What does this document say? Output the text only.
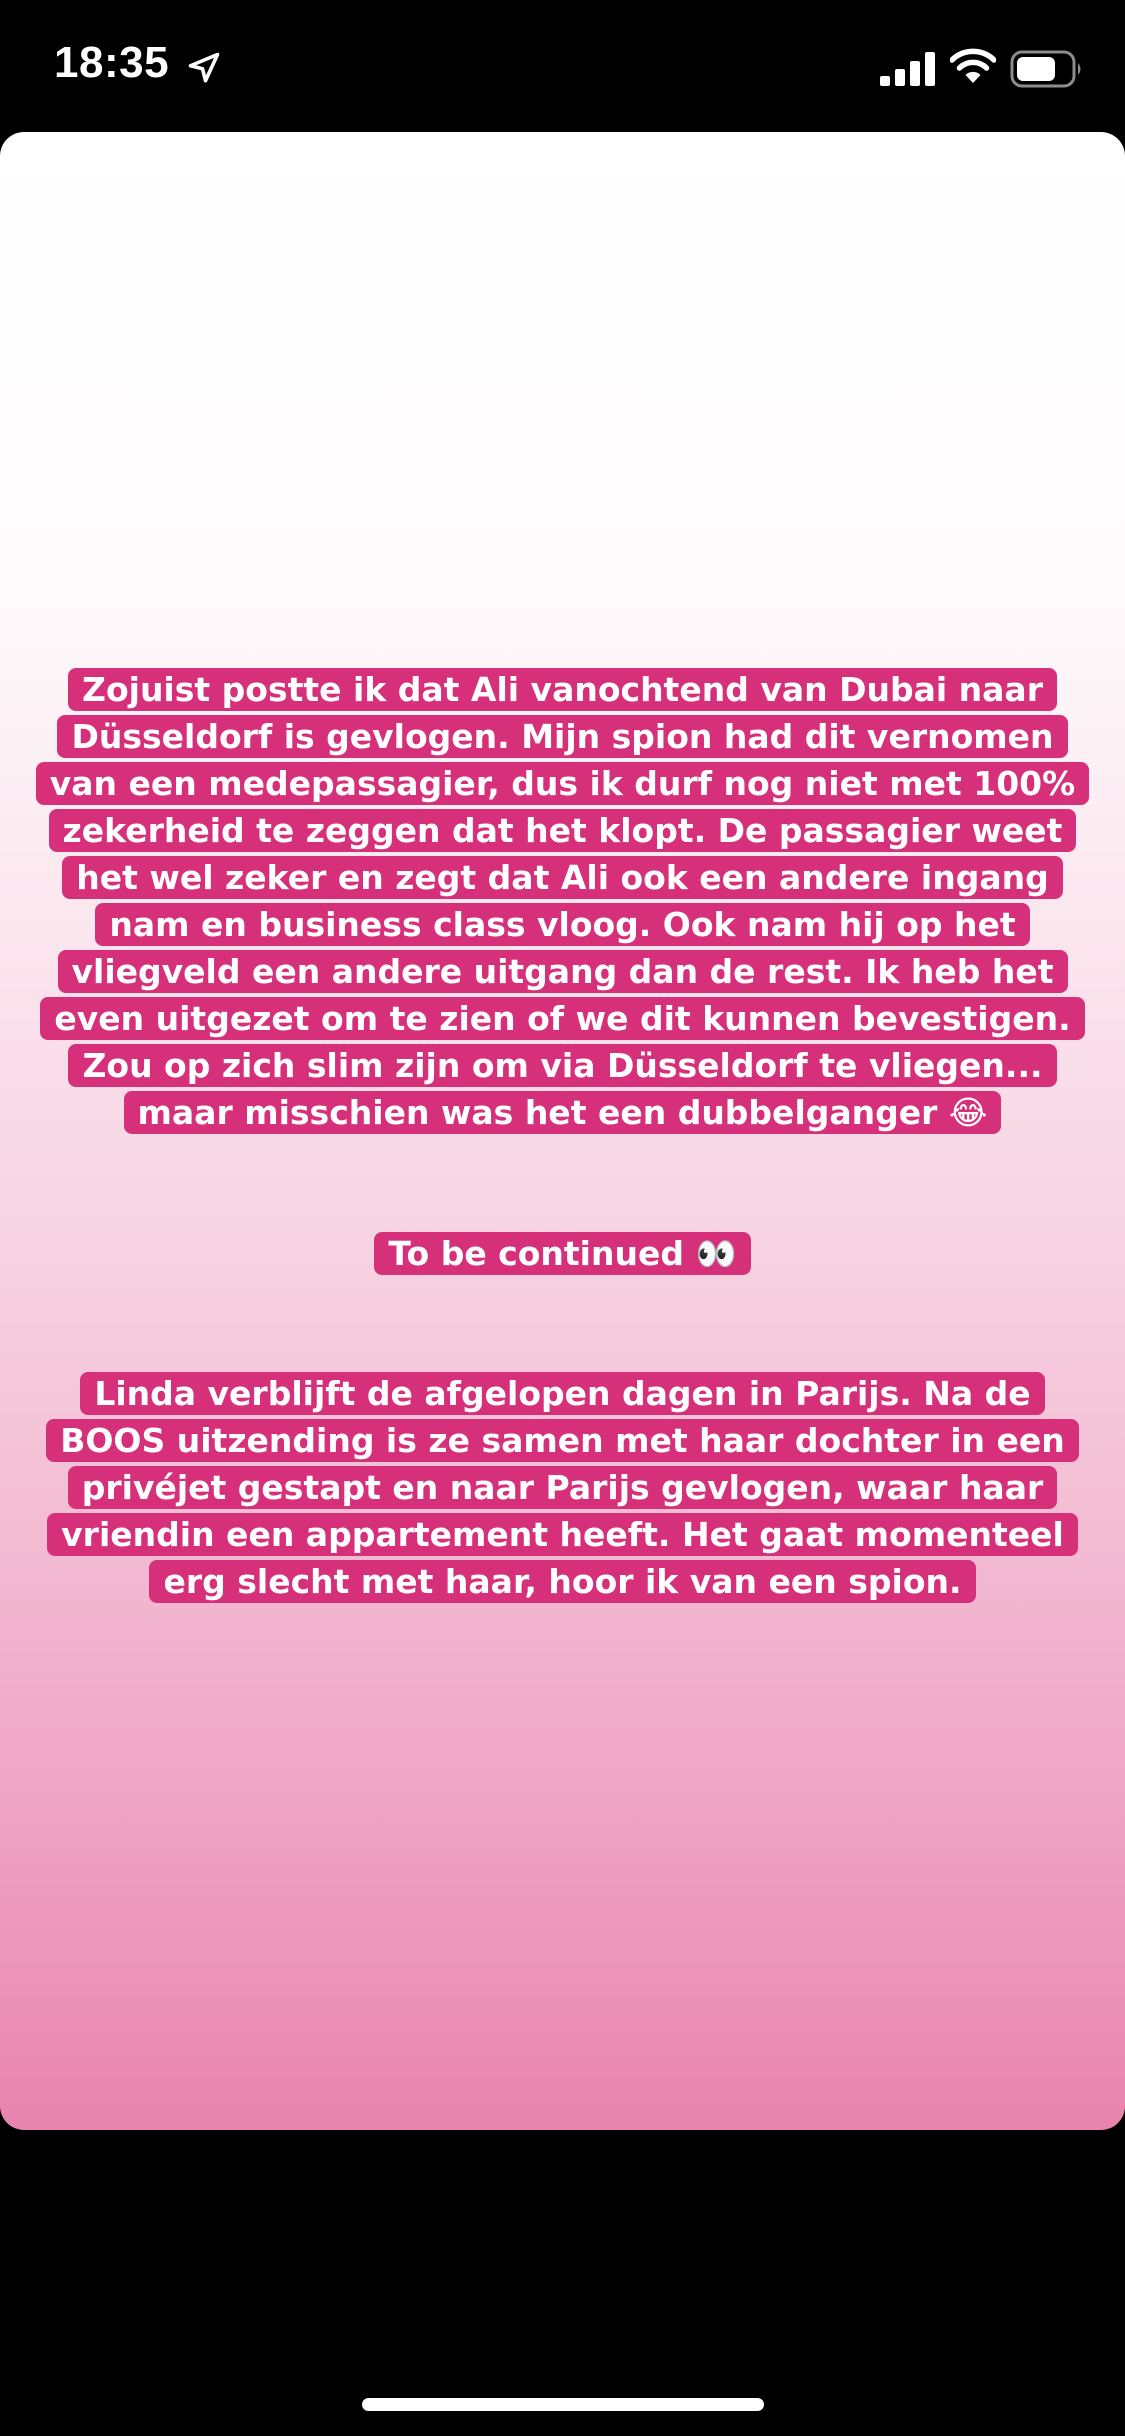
18:35
Zojuist postte ik dat Ali vanochtend van Dubai naar
Düsseldorf is gevlogen. Mijn spion had dit vernomen
van een medepassagier, dus ik durf nog niet met 100%
zekerheid te zeggen dat het klopt. De passagier weet
het wel zeker en zegt dat Ali ook een andere ingang
nam en business class vloog. Ook nam hij op het
vliegveld een andere uitgang dan de rest. Ik heb het
even uitgezet om te zien of we dit kunnen bevestigen.
Zou op zich slim zijn om via Düsseldorf te vliegen...
maar misschien was het een dubbelganger 😂
To be continued 👀
Linda verblijft de afgelopen dagen in Parijs. Na de
BOOS uitzending is ze samen met haar dochter in een
privéjet gestapt en naar Parijs gevlogen, waar haar
vriendin een appartement heeft. Het gaat momenteel
erg slecht met haar, hoor ik van een spion.
